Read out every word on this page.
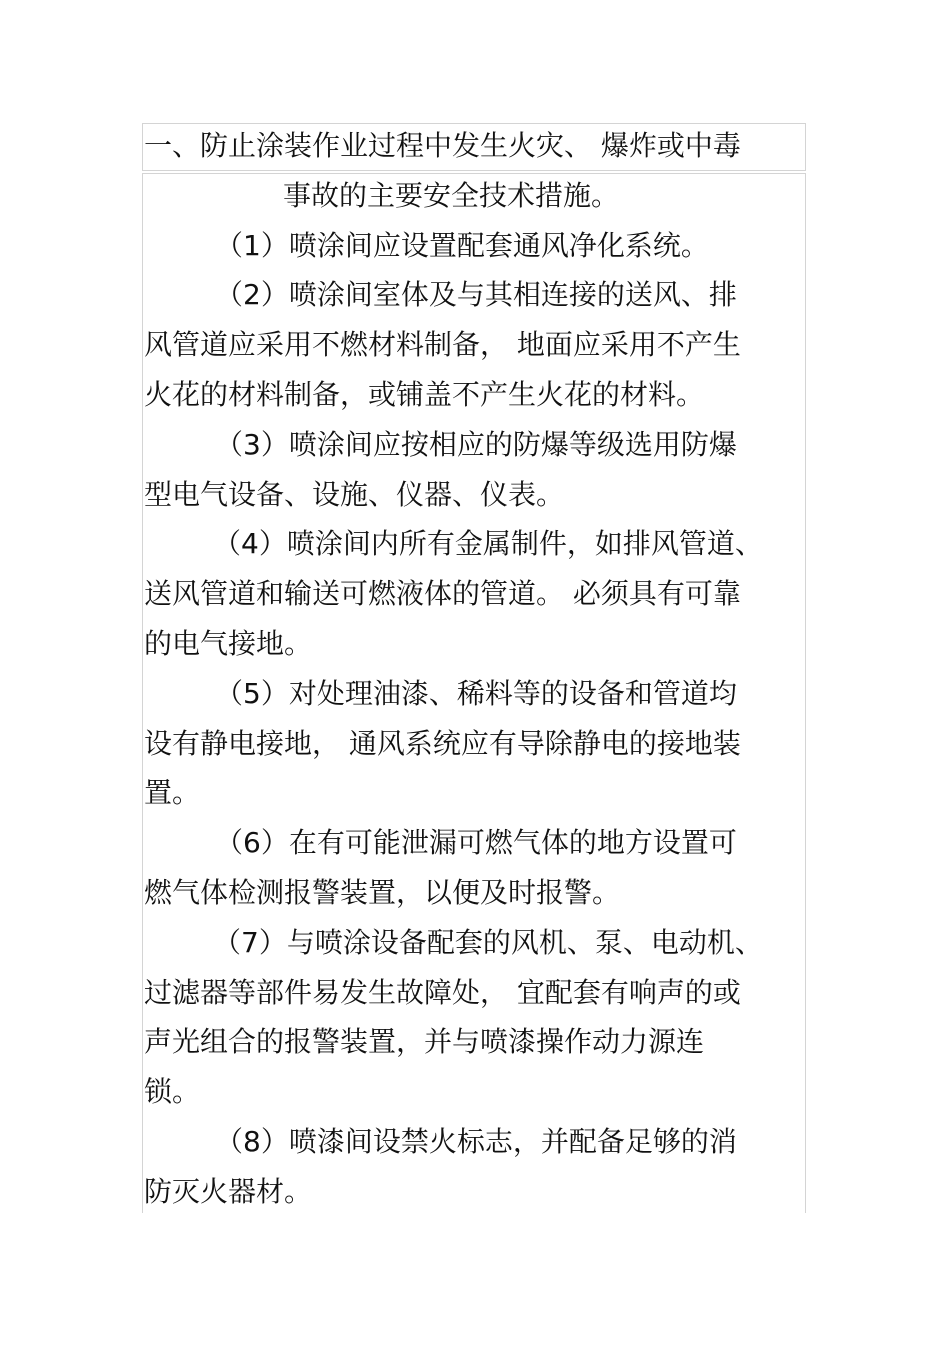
一、防止涂装作业过程中发生火灾、 爆炸或中毒
事故的主要安全技术措施。
（1）喷涂间应设置配套通风净化系统。
（2）喷涂间室体及与其相连接的送风、排
风管道应采用不燃材料制备， 地面应采用不产生
火花的材料制备，或铺盖不产生火花的材料。
（3）喷涂间应按相应的防爆等级选用防爆
型电气设备、设施、仪器、仪表。
（4）喷涂间内所有金属制件，如排风管道、
送风管道和输送可燃液体的管道。 必须具有可靠
的电气接地。
（5）对处理油漆、稀料等的设备和管道均
设有静电接地， 通风系统应有导除静电的接地装
置。
（6）在有可能泄漏可燃气体的地方设置可
燃气体检测报警装置，以便及时报警。
（7）与喷涂设备配套的风机、泵、电动机、
过滤器等部件易发生故障处， 宜配套有响声的或
声光组合的报警装置，并与喷漆操作动力源连
锁。
（8）喷漆间设禁火标志，并配备足够的消
防灭火器材。
